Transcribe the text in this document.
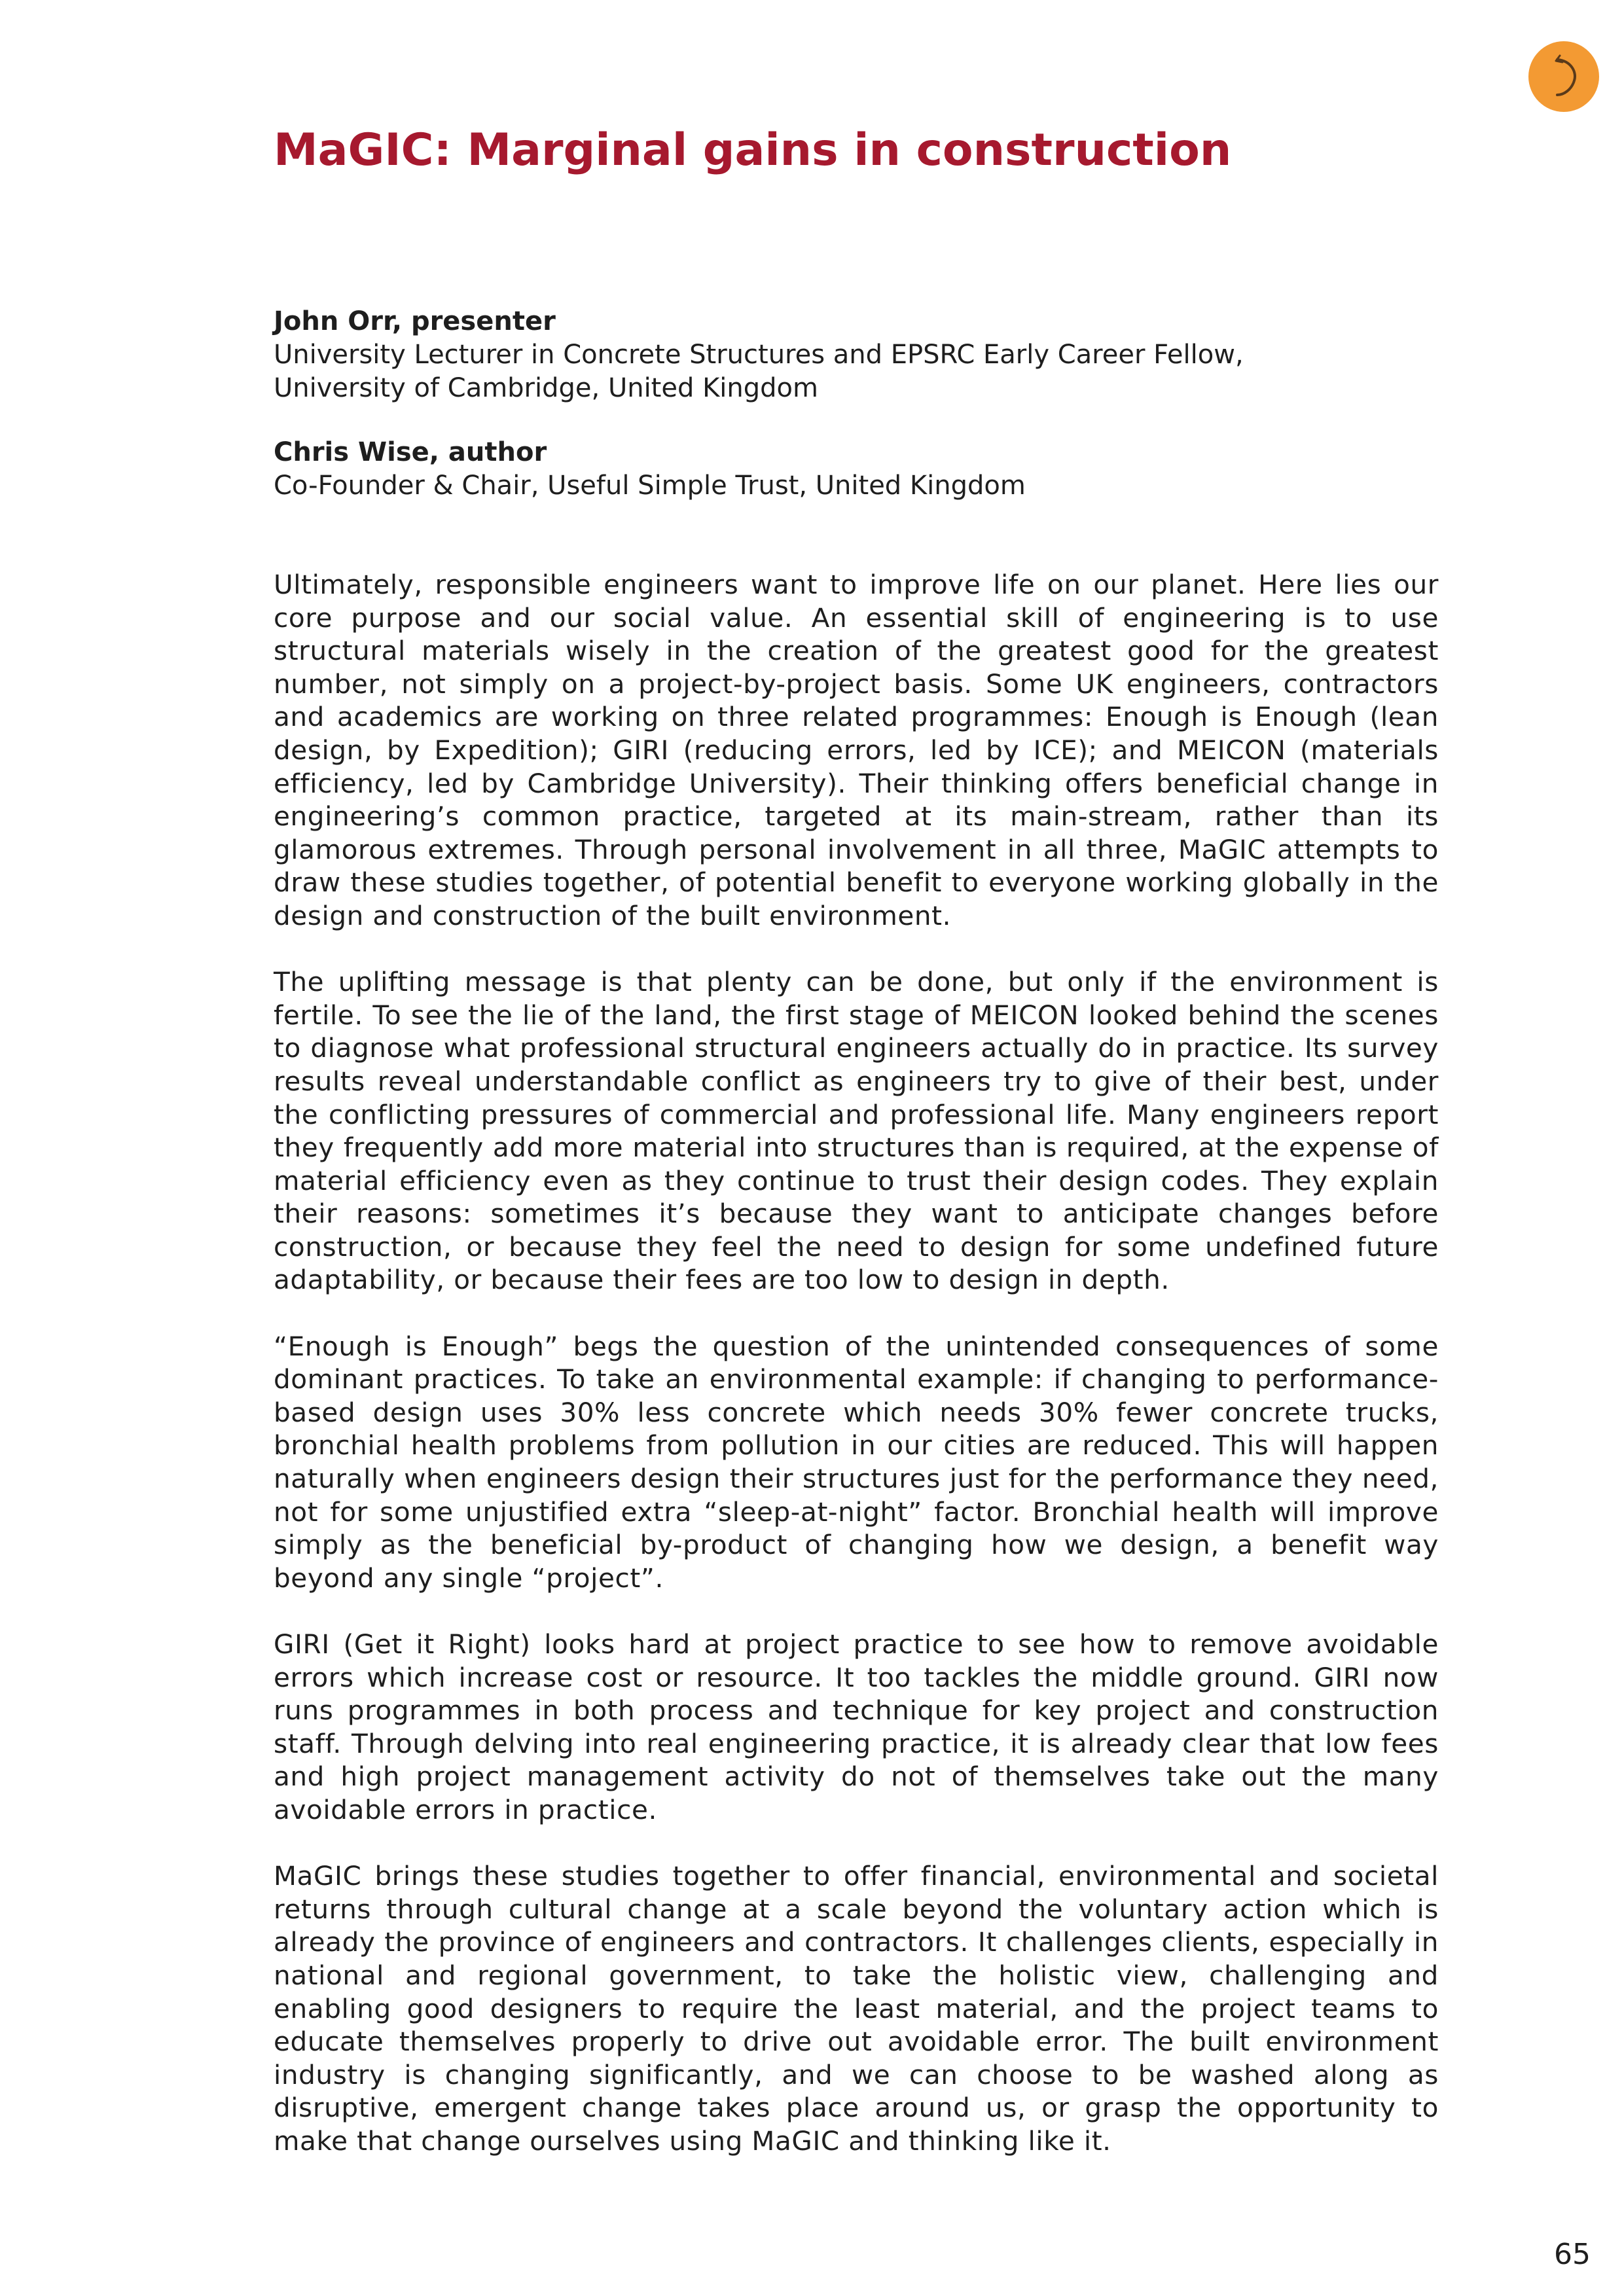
MaGIC: Marginal gains in construction
John Orr, presenter
University Lecturer in Concrete Structures and EPSRC Early Career Fellow,
University of Cambridge, United Kingdom
Chris Wise, author
Co-Founder & Chair, Useful Simple Trust, United Kingdom

Ultimately, responsible engineers want to improve life on our planet. Here lies our core purpose and our social value. An essential skill of engineering is to use structural materials wisely in the creation of the greatest good for the greatest number, not simply on a project-by-project basis. Some UK engineers, contractors and academics are working on three related programmes: Enough is Enough (lean design, by Expedition); GIRI (reducing errors, led by ICE); and MEICON (materials efficiency, led by Cambridge University). Their thinking offers beneficial change in engineering’s common practice, targeted at its main-stream, rather than its glamorous extremes. Through personal involvement in all three, MaGIC attempts to draw these studies together, of potential benefit to everyone working globally in the design and construction of the built environment.

The uplifting message is that plenty can be done, but only if the environment is fertile. To see the lie of the land, the first stage of MEICON looked behind the scenes to diagnose what professional structural engineers actually do in practice. Its survey results reveal understandable conflict as engineers try to give of their best, under the conflicting pressures of commercial and professional life. Many engineers report they frequently add more material into structures than is required, at the expense of material efficiency even as they continue to trust their design codes. They explain their reasons: sometimes it’s because they want to anticipate changes before construction, or because they feel the need to design for some undefined future adaptability, or because their fees are too low to design in depth.

“Enough is Enough” begs the question of the unintended consequences of some dominant practices. To take an environmental example: if changing to performance-based design uses 30% less concrete which needs 30% fewer concrete trucks, bronchial health problems from pollution in our cities are reduced. This will happen naturally when engineers design their structures just for the performance they need, not for some unjustified extra “sleep-at-night” factor. Bronchial health will improve simply as the beneficial by-product of changing how we design, a benefit way beyond any single “project”.

GIRI (Get it Right) looks hard at project practice to see how to remove avoidable errors which increase cost or resource. It too tackles the middle ground. GIRI now runs programmes in both process and technique for key project and construction staff. Through delving into real engineering practice, it is already clear that low fees and high project management activity do not of themselves take out the many avoidable errors in practice.

MaGIC brings these studies together to offer financial, environmental and societal returns through cultural change at a scale beyond the voluntary action which is already the province of engineers and contractors. It challenges clients, especially in national and regional government, to take the holistic view, challenging and enabling good designers to require the least material, and the project teams to educate themselves properly to drive out avoidable error. The built environment industry is changing significantly, and we can choose to be washed along as disruptive, emergent change takes place around us, or grasp the opportunity to make that change ourselves using MaGIC and thinking like it.

65
